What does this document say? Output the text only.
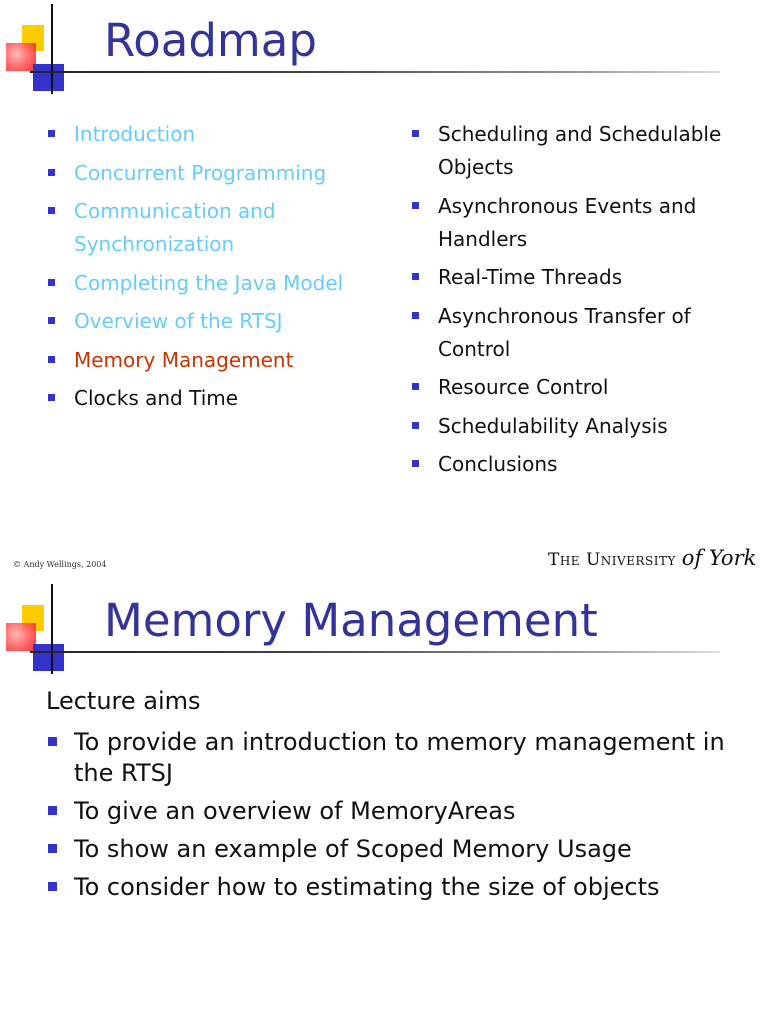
Roadmap
Introduction
Concurrent Programming
Communication and Synchronization
Completing the Java Model
Overview of the RTSJ
Memory Management
Clocks and Time
Scheduling and Schedulable Objects
Asynchronous Events and Handlers
Real-Time Threads
Asynchronous Transfer of Control
Resource Control
Schedulability Analysis
Conclusions
© Andy Wellings, 2004	The University of York
Memory Management
Lecture aims
To provide an introduction to memory management in the RTSJ
To give an overview of MemoryAreas
To show an example of Scoped Memory Usage
To consider how to estimating the size of objects
